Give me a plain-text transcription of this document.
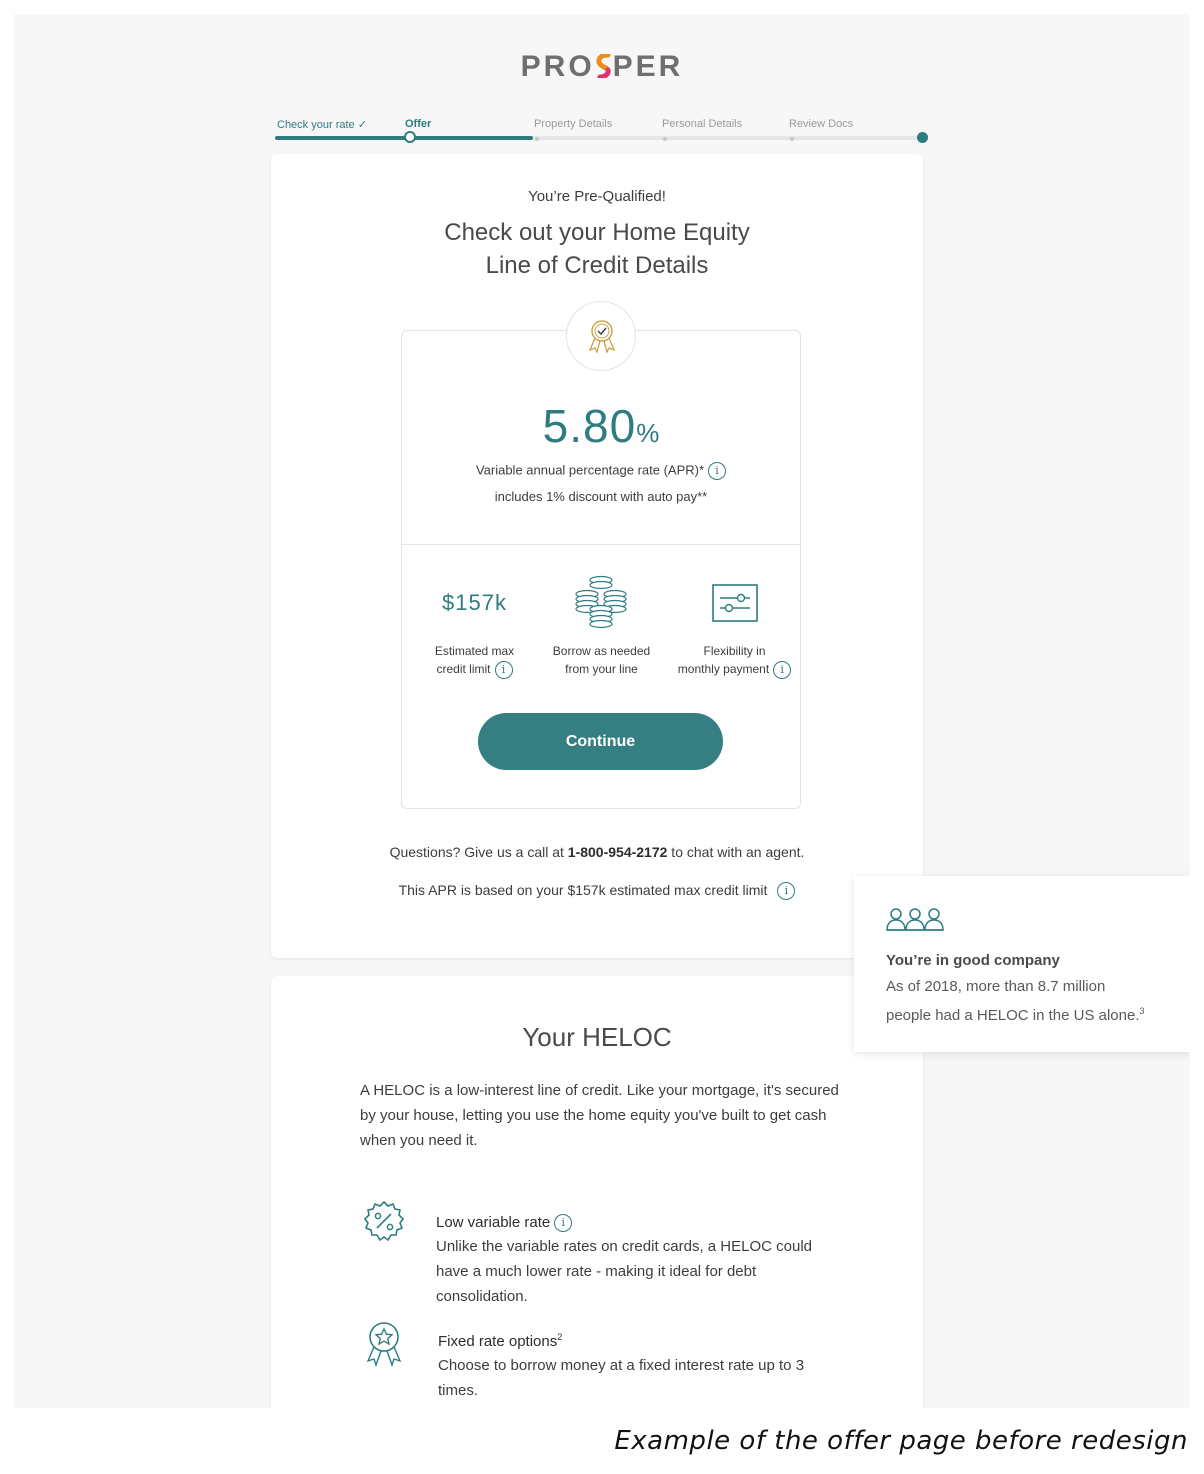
PRO PER
Check your rate ✓	Offer	Property Details	Personal Details	Review Docs
You’re Pre-Qualified!
Check out your Home Equity
Line of Credit Details
5.80%
Variable annual percentage rate (APR)* i
includes 1% discount with auto pay**
$157k
Estimated max
credit limit i
Borrow as needed
from your line
Flexibility in
monthly payment i
Continue
Questions? Give us a call at 1-800-954-2172 to chat with an agent.
This APR is based on your $157k estimated max credit limit i
Your HELOC
A HELOC is a low-interest line of credit. Like your mortgage, it's secured by your house, letting you use the home equity you've built to get cash when you need it.
Low variable rate i
Unlike the variable rates on credit cards, a HELOC could have a much lower rate - making it ideal for debt consolidation.
Fixed rate options$^2$
Choose to borrow money at a fixed interest rate up to 3 times.
You’re in good company
As of 2018, more than 8.7 million
people had a HELOC in the US alone.$^3$
Example of the offer page before redesign
